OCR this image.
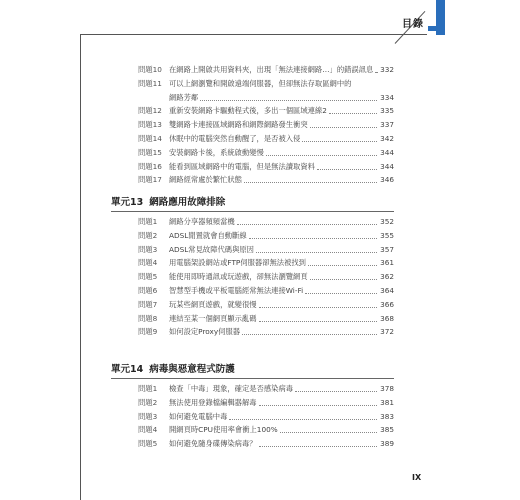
目錄
問題10 在網路上開啟共用資料夾，出現「無法連接網路…」的錯誤訊息 332
問題11 可以上網瀏覽和開啟遠端伺服器，但卻無法存取區網中的
網路芳鄰	334
問題12 重新安裝網路卡驅動程式後，多出一個區域連線2	335
問題13 雙網路卡連接區域網路和網際網路發生衝突	337
問題14 休眠中的電腦突然自動醒了，是否被入侵	342
問題15 安裝網路卡後，系統啟動變慢	344
問題16 能看到區域網路中的電腦，但是無法讀取資料	344
問題17 網路經常處於繁忙狀態	346
單元13 網路應用故障排除
問題1 網路分享器頻頻當機	352
問題2 ADSL閒置就會自動斷線	355
問題3 ADSL常見故障代碼與原因	357
問題4 用電腦架設網站或FTP伺服器卻無法被找到	361
問題5 能使用即時通訊或玩遊戲，卻無法瀏覽網頁	362
問題6 智慧型手機或平板電腦經常無法連接Wi-Fi	364
問題7 玩某些網頁遊戲，就變很慢	366
問題8 連結至某一個網頁顯示亂碼	368
問題9 如何設定Proxy伺服器	372
單元14 病毒與惡意程式防護
問題1 檢查「中毒」現象，確定是否感染病毒	378
問題2 無法使用登錄檔編輯器解毒	381
問題3 如何避免電腦中毒	383
問題4 開網頁時CPU使用率會衝上100%	385
問題5 如何避免隨身碟傳染病毒？	389
IX
